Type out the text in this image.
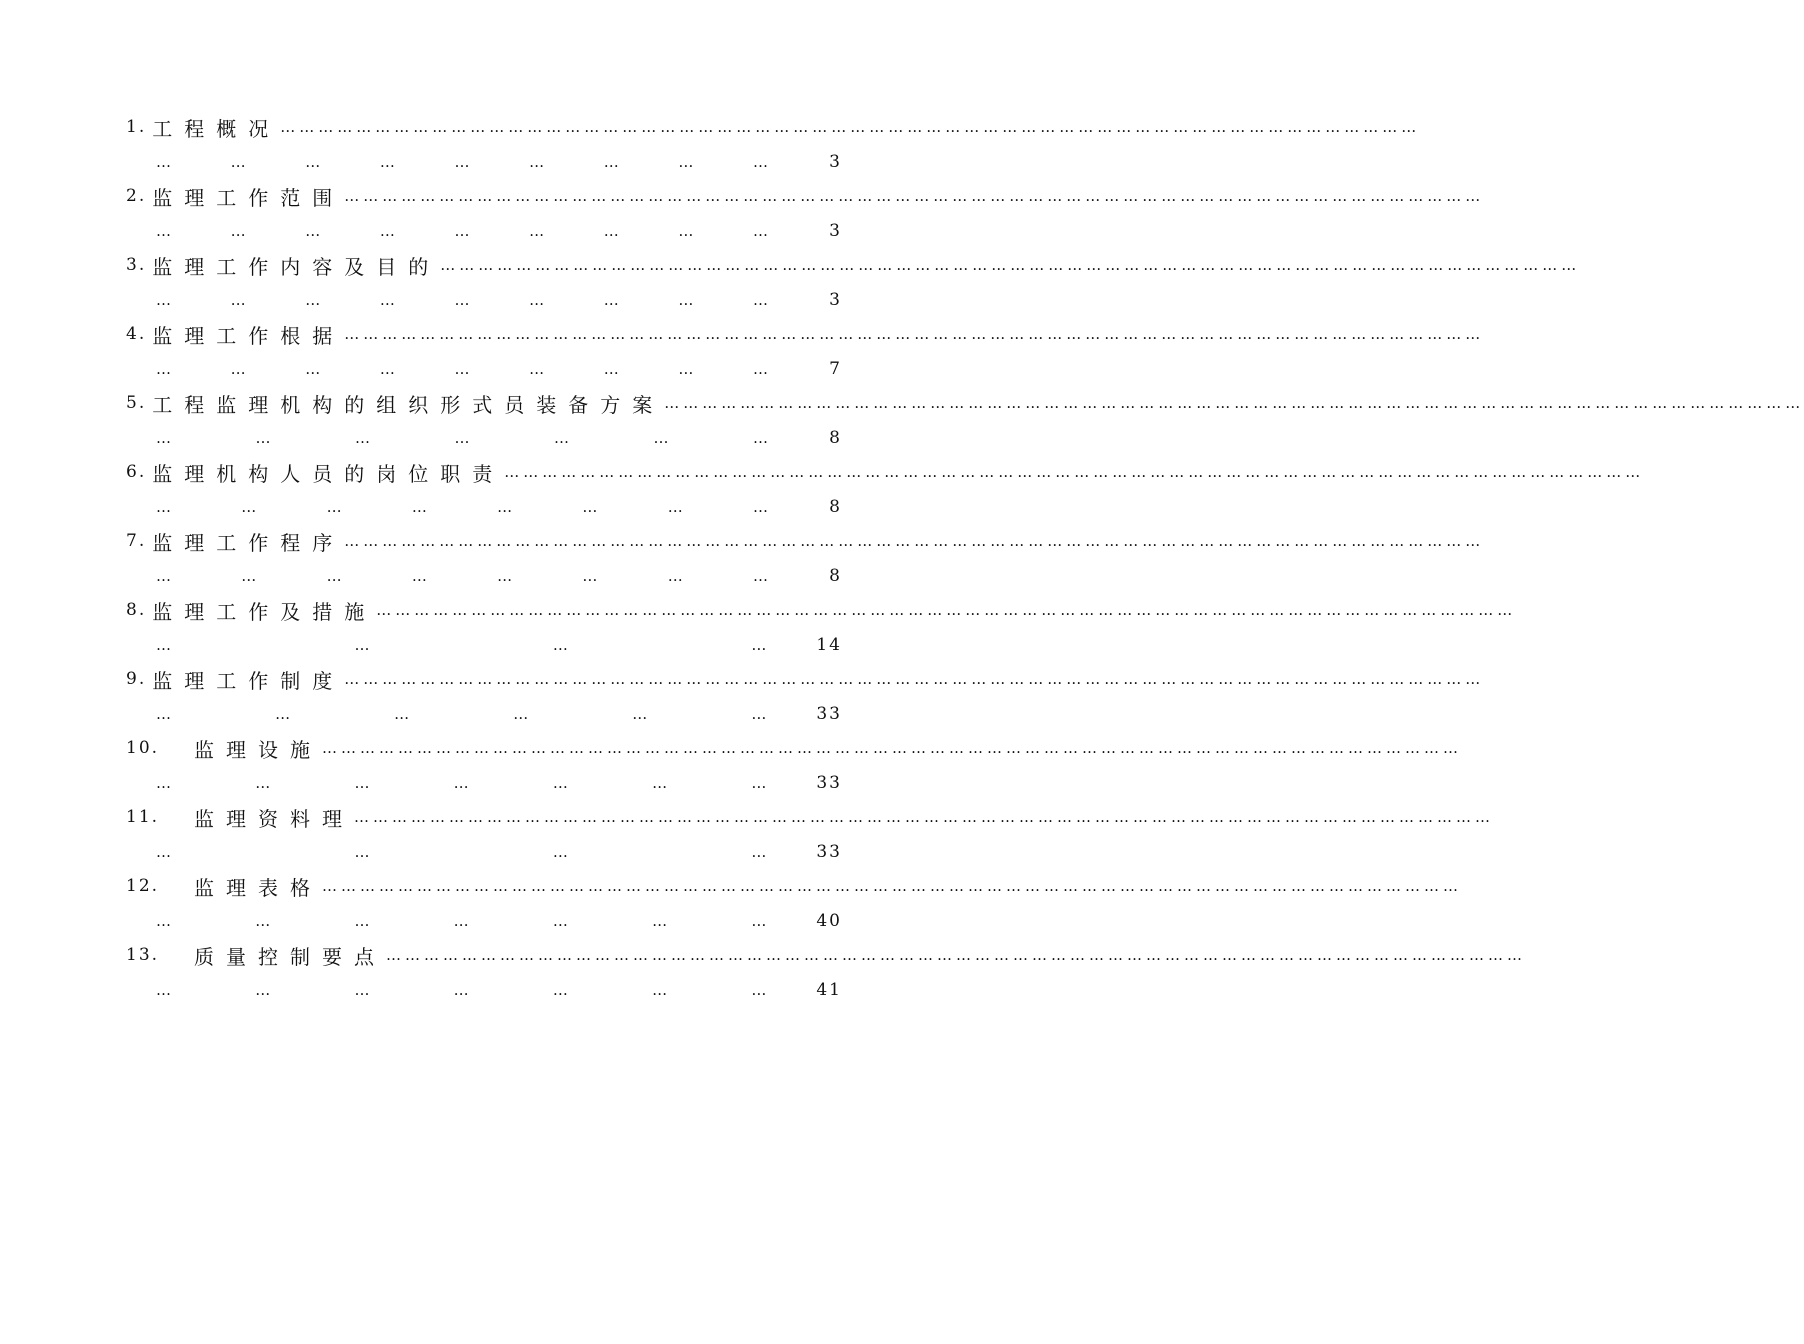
1. 工程概况 ………………………………………………………………………………………………………………………………………………………………
…	…	…	…	…	…	…	…	…	3
2. 监理工作范围 ………………………………………………………………………………………………………………………………………………………………
…	…	…	…	…	…	…	…	…	3
3. 监理工作内容及目的 ………………………………………………………………………………………………………………………………………………………………
…	…	…	…	…	…	…	…	…	3
4. 监理工作根据 ………………………………………………………………………………………………………………………………………………………………
…	…	…	…	…	…	…	…	…	7
5. 工程监理机构的组织形式员装备方案 ………………………………………………………………………………………………………………………………………………………………
…	…	…	…	…	…	…	8
6. 监理机构人员的岗位职责 ………………………………………………………………………………………………………………………………………………………………
…	…	…	…	…	…	…	…	8
7. 监理工作程序 ………………………………………………………………………………………………………………………………………………………………
…	…	…	…	…	…	…	…	8
8. 监理工作及措施 ………………………………………………………………………………………………………………………………………………………………
…	…	…	…	14
9. 监理工作制度 ………………………………………………………………………………………………………………………………………………………………
…	…	…	…	…	…	33
10.	监理设施 ………………………………………………………………………………………………………………………………………………………………
…	…	…	…	…	…	…	33
11.	监理资料理 ………………………………………………………………………………………………………………………………………………………………
…	…	…	…	33
12.	监理表格 ………………………………………………………………………………………………………………………………………………………………
…	…	…	…	…	…	…	40
13.	质量控制要点 ………………………………………………………………………………………………………………………………………………………………
…	…	…	…	…	…	…	41
